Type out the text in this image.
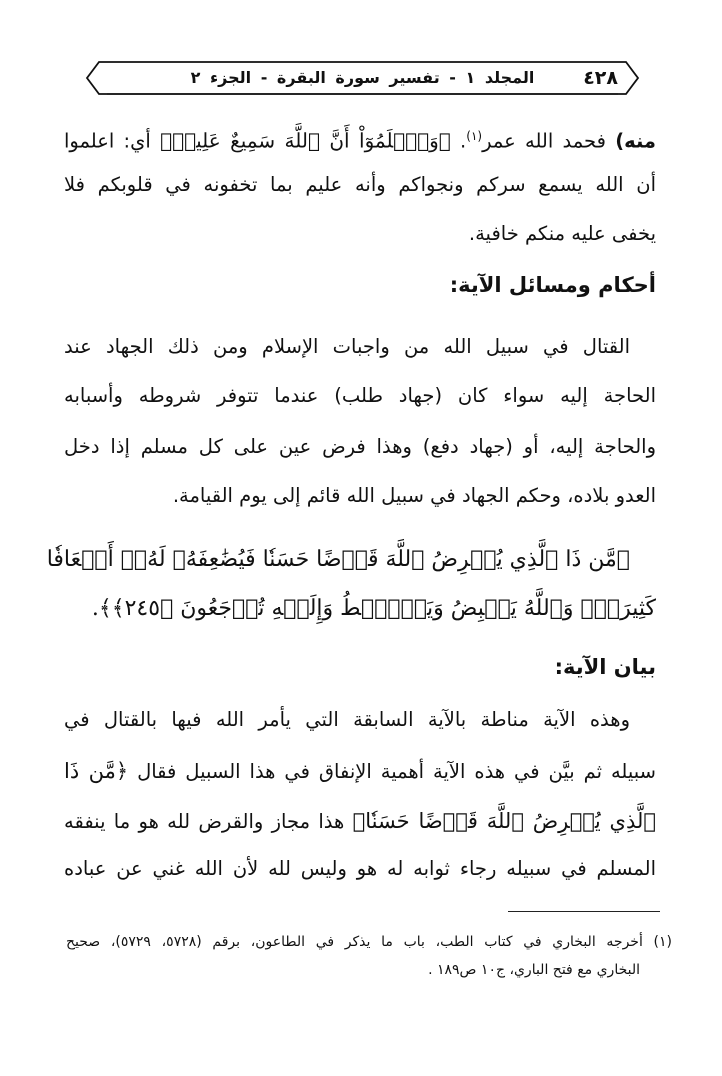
٤٢٨
المجلد ١ - تفسير سورة البقرة - الجزء ٢
منه) فحمد الله عمر$^{(١)}$. ﴿وَٱعۡلَمُوٓاْ أَنَّ ٱللَّهَ سَمِيعٌ عَلِيمٞ﴾ أي: اعلموا
أن الله يسمع سركم ونجواكم وأنه عليم بما تخفونه في قلوبكم فلا
يخفى عليه منكم خافية.
أحكام ومسائل الآية:
القتال في سبيل الله من واجبات الإسلام ومن ذلك الجهاد عند
الحاجة إليه سواء كان (جهاد طلب) عندما تتوفر شروطه وأسبابه
والحاجة إليه، أو (جهاد دفع) وهذا فرض عين على كل مسلم إذا دخل
العدو بلاده، وحكم الجهاد في سبيل الله قائم إلى يوم القيامة.
﴿مَّن ذَا ٱلَّذِي يُقۡرِضُ ٱللَّهَ قَرۡضًا حَسَنٗا فَيُضَٰعِفَهُۥ لَهُۥٓ أَضۡعَافٗا
كَثِيرَةٗۚ وَٱللَّهُ يَقۡبِضُ وَيَبۡصُۜطُ وَإِلَيۡهِ تُرۡجَعُونَ ﴿٢٤٥﴾﴾.
بيان الآية:
وهذه الآية مناطة بالآية السابقة التي يأمر الله فيها بالقتال في
سبيله ثم بيَّن في هذه الآية أهمية الإنفاق في هذا السبيل فقال ﴿مَّن ذَا
ٱلَّذِي يُقۡرِضُ ٱللَّهَ قَرۡضًا حَسَنٗا﴾ هذا مجاز والقرض لله هو ما ينفقه
المسلم في سبيله رجاء ثوابه له هو وليس لله لأن الله غني عن عباده
(١) أخرجه البخاري في كتاب الطب، باب ما يذكر في الطاعون، برقم (٥٧٢٨، ٥٧٢٩)، صحيح
البخاري مع فتح الباري، ج١٠ ص١٨٩ .
